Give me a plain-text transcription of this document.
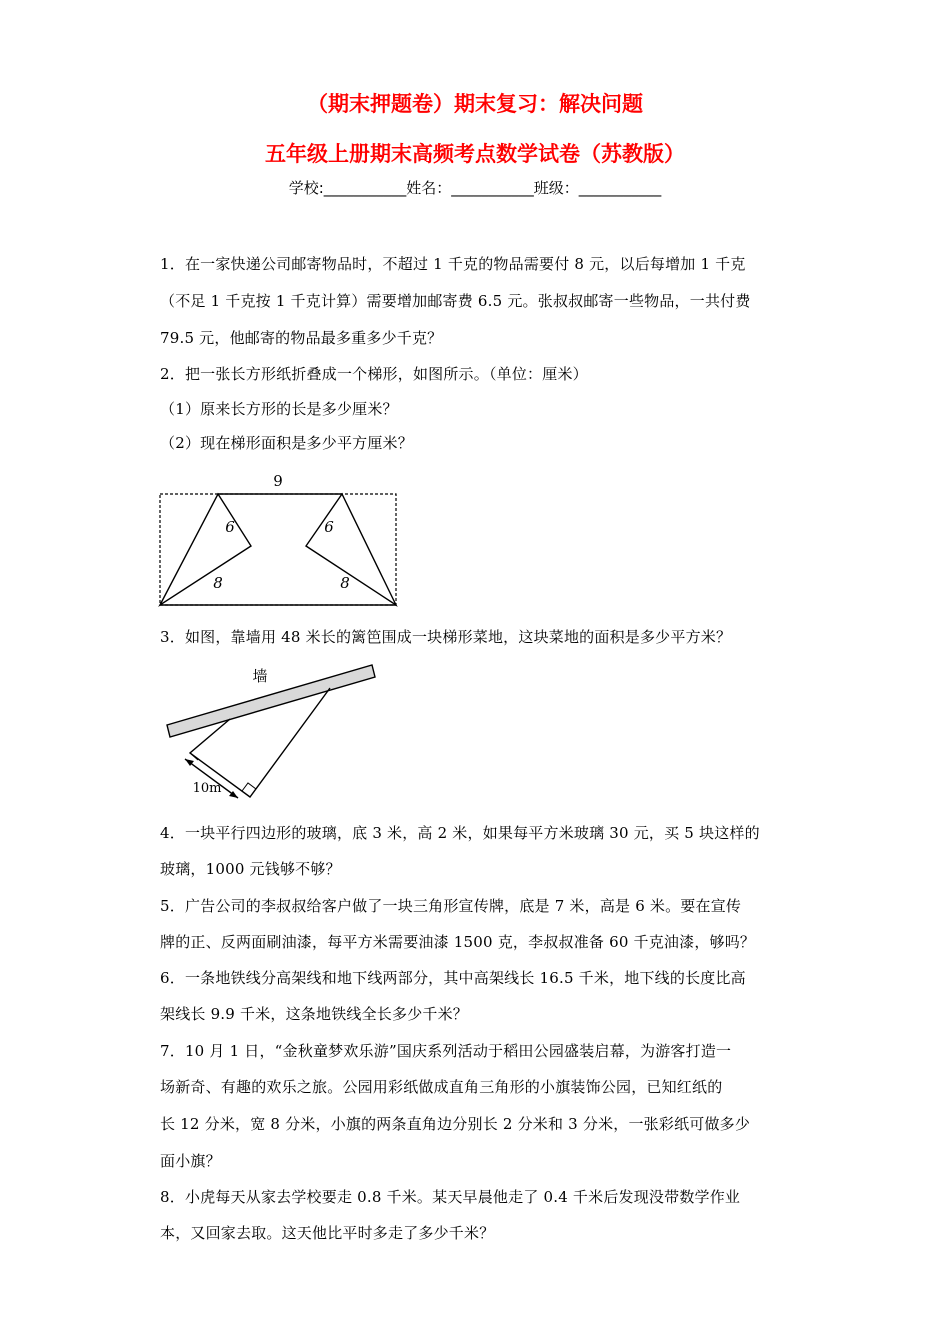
（期末押题卷）期末复习：解决问题
五年级上册期末高频考点数学试卷（苏教版）
学校:___________姓名：___________班级：___________
1．在一家快递公司邮寄物品时，不超过 1 千克的物品需要付 8 元，以后每增加 1 千克
（不足 1 千克按 1 千克计算）需要增加邮寄费 6.5 元。张叔叔邮寄一些物品，一共付费
79.5 元，他邮寄的物品最多重多少千克？
2．把一张长方形纸折叠成一个梯形，如图所示。（单位：厘米）
（1）原来长方形的长是多少厘米？
（2）现在梯形面积是多少平方厘米？
9
6
8
6
8
3．如图，靠墙用 48 米长的篱笆围成一块梯形菜地，这块菜地的面积是多少平方米？
墙
10m
4．一块平行四边形的玻璃，底 3 米，高 2 米，如果每平方米玻璃 30 元，买 5 块这样的
玻璃，1000 元钱够不够？
5．广告公司的李叔叔给客户做了一块三角形宣传牌，底是 7 米，高是 6 米。要在宣传
牌的正、反两面刷油漆，每平方米需要油漆 1500 克，李叔叔准备 60 千克油漆，够吗？
6．一条地铁线分高架线和地下线两部分，其中高架线长 16.5 千米，地下线的长度比高
架线长 9.9 千米，这条地铁线全长多少千米？
7．10 月 1 日，“金秋童梦欢乐游”国庆系列活动于稻田公园盛装启幕，为游客打造一
场新奇、有趣的欢乐之旅。公园用彩纸做成直角三角形的小旗装饰公园，已知红纸的
长 12 分米，宽 8 分米，小旗的两条直角边分别长 2 分米和 3 分米，一张彩纸可做多少
面小旗？
8．小虎每天从家去学校要走 0.8 千米。某天早晨他走了 0.4 千米后发现没带数学作业
本，又回家去取。这天他比平时多走了多少千米？
